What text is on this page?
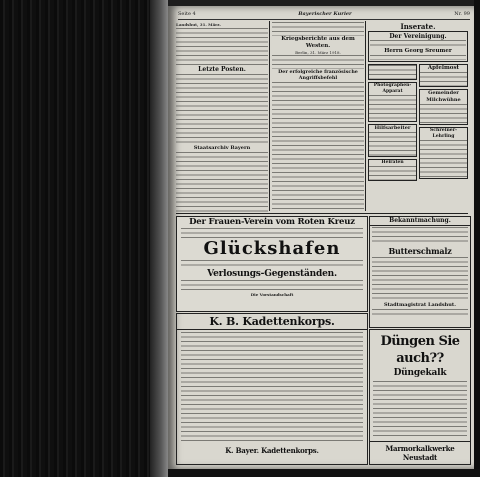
Seite 4	Bayerischer Kurier	Nr. 99
Landshut, 31. März.
Letzte Posten.
Staatsarchiv Bayern
Kriegsberichte aus dem Westen.
Berlin, 31. März 1918.
Der erfolgreiche französische Angriffsbefehl
Inserate.
Der Vereinigung.
Herrn Georg Sreumer
Photographen-Apparat
Hilfsarbeiter
Heiraten
Apfelmost
Gemeinder
Milchwühne
Schreiner-Lehrling
Der Frauen-Verein vom Roten Kreuz
Glückshafen
Verlosungs-Gegenständen.
Die Vorstandschaft
K. B. Kadettenkorps.
K. Bayer. Kadettenkorps.
Bekanntmachung.
Butterschmalz
Stadtmagistrat Landshut.
Düngen Sie auch??
Düngekalk
Marmorkalkwerke Neustadt
